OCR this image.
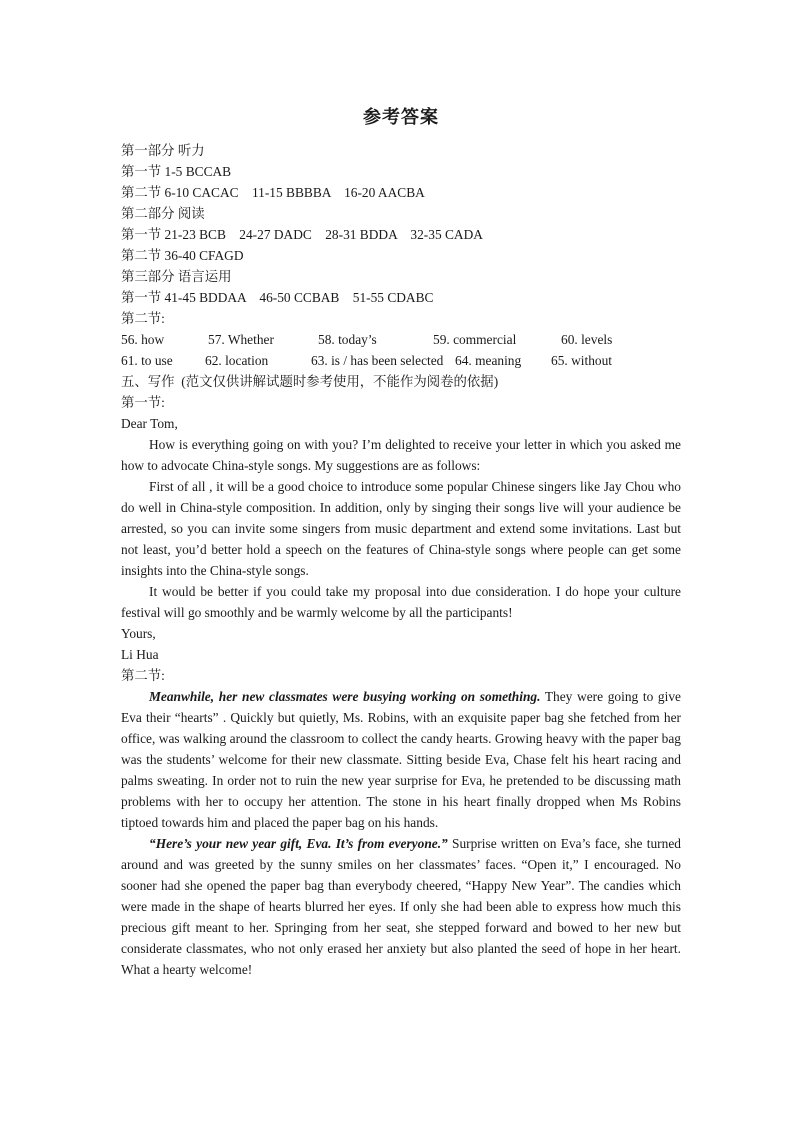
参考答案
第一部分 听力
第一节 1-5 BCCAB
第二节 6-10 CACAC    11-15 BBBBA    16-20 AACBA
第二部分 阅读
第一节 21-23 BCB    24-27 DADC    28-31 BDDA    32-35 CADA
第二节 36-40 CFAGD
第三部分 语言运用
第一节 41-45 BDDAA    46-50 CCBAB    51-55 CDABC
第二节:
56. how	57. Whether	58. today’s	59. commercial	60. levels
61. to use	62. location	63. is / has been selected 64. meaning	65. without
五、写作  (范文仅供讲解试题时参考使用，不能作为阅卷的依据)
第一节:
Dear Tom,

How is everything going on with you? I’m delighted to receive your letter in which you asked me how to advocate China-style songs. My suggestions are as follows:

First of all , it will be a good choice to introduce some popular Chinese singers like Jay Chou who do well in China-style composition. In addition, only by singing their songs live will your audience be arrested, so you can invite some singers from music department and extend some invitations. Last but not least, you’d better hold a speech on the features of China-style songs where people can get some insights into the China-style songs.

It would be better if you could take my proposal into due consideration. I do hope your culture festival will go smoothly and be warmly welcome by all the participants!

Yours,
Li Hua
第二节:

Meanwhile, her new classmates were busying working on something. They were going to give Eva their “hearts” . Quickly but quietly, Ms. Robins, with an exquisite paper bag she fetched from her office, was walking around the classroom to collect the candy hearts. Growing heavy with the paper bag was the students’ welcome for their new classmate. Sitting beside Eva, Chase felt his heart racing and palms sweating. In order not to ruin the new year surprise for Eva, he pretended to be discussing math problems with her to occupy her attention. The stone in his heart finally dropped when Ms Robins tiptoed towards him and placed the paper bag on his hands.

“Here’s your new year gift, Eva. It’s from everyone.” Surprise written on Eva’s face, she turned around and was greeted by the sunny smiles on her classmates’ faces. “Open it,” I encouraged. No sooner had she opened the paper bag than everybody cheered, “Happy New Year”. The candies which were made in the shape of hearts blurred her eyes. If only she had been able to express how much this precious gift meant to her. Springing from her seat, she stepped forward and bowed to her new but considerate classmates, who not only erased her anxiety but also planted the seed of hope in her heart. What a hearty welcome!
